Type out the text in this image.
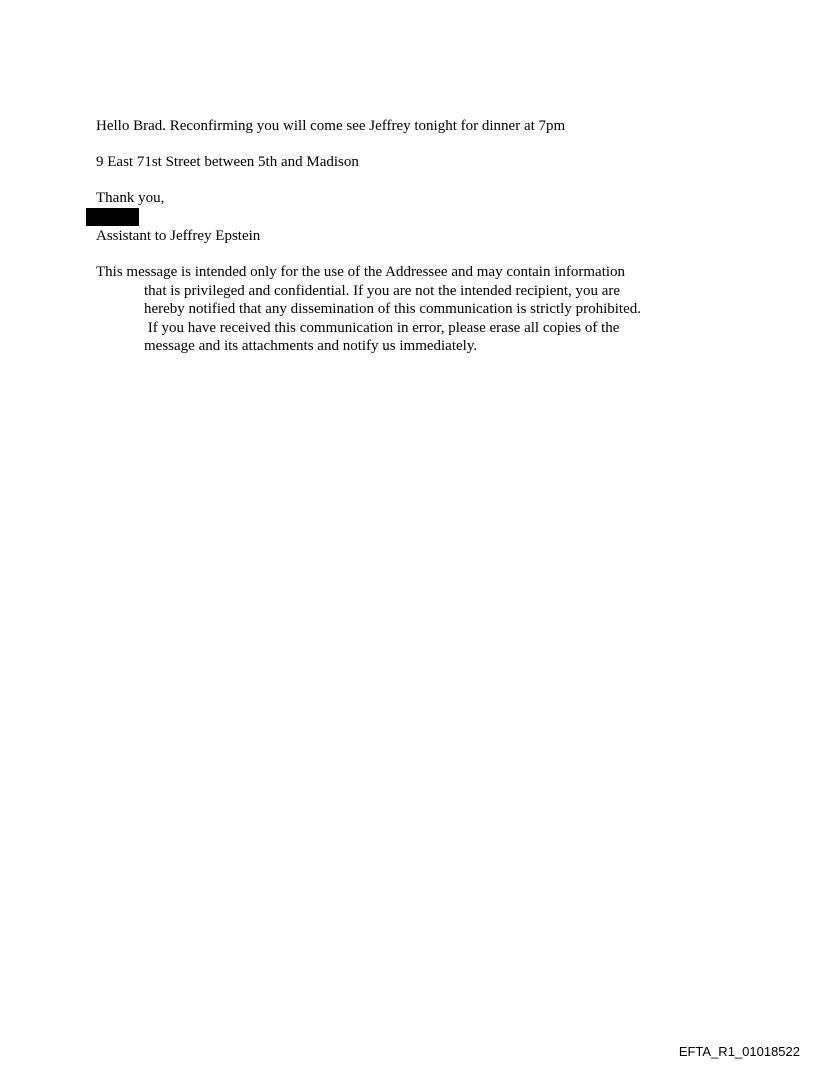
Hello Brad. Reconfirming you will come see Jeffrey tonight for dinner at 7pm
9 East 71st Street between 5th and Madison
Thank you,
Assistant to Jeffrey Epstein
This message is intended only for the use of the Addressee and may contain information
that is privileged and confidential. If you are not the intended recipient, you are
hereby notified that any dissemination of this communication is strictly prohibited.
If you have received this communication in error, please erase all copies of the
message and its attachments and notify us immediately.
EFTA_R1_01018522
